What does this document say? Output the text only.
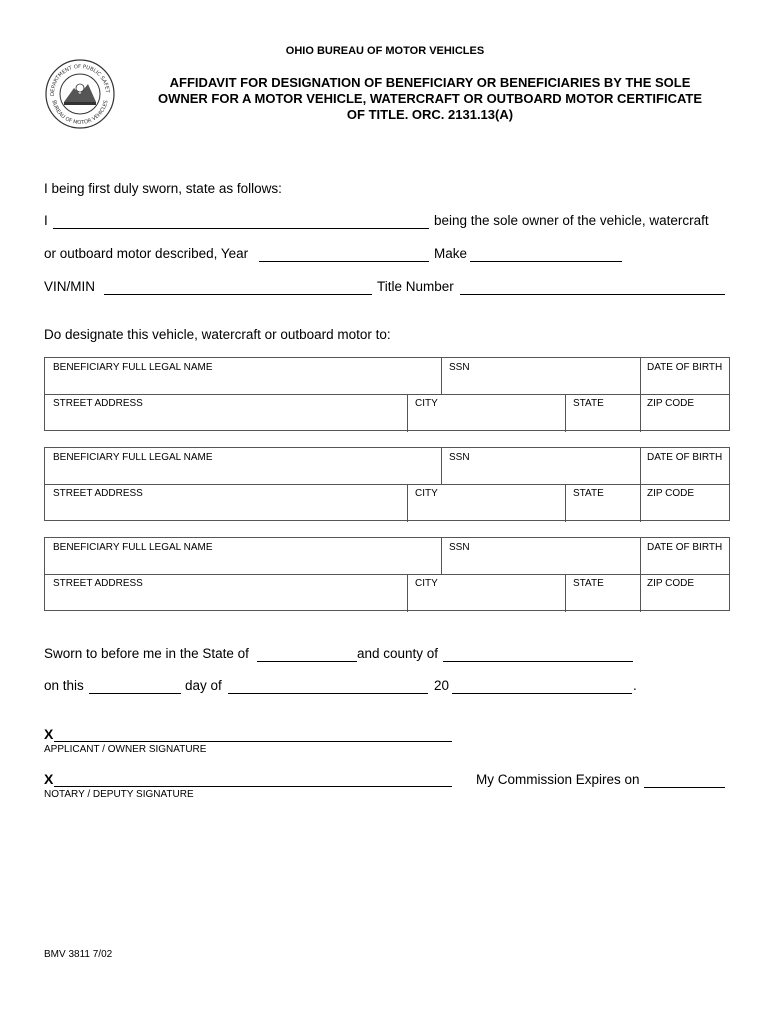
OHIO BUREAU OF MOTOR VEHICLES
DEPARTMENT OF PUBLIC SAFET
BUREAU OF MOTOR VEHICLES
AFFIDAVIT FOR DESIGNATION OF BENEFICIARY OR BENEFICIARIES BY THE SOLE
OWNER FOR A MOTOR VEHICLE, WATERCRAFT OR OUTBOARD MOTOR CERTIFICATE
OF TITLE. ORC. 2131.13(A)
I being first duly sworn, state as follows:
I	being the sole owner of the vehicle, watercraft
or outboard motor described, Year	Make
VIN/MIN	Title Number
Do designate this vehicle, watercraft or outboard motor to:
BENEFICIARY FULL LEGAL NAME	SSN	DATE OF BIRTH
STREET ADDRESS	CITY	STATE	ZIP CODE
BENEFICIARY FULL LEGAL NAME	SSN	DATE OF BIRTH
STREET ADDRESS	CITY	STATE	ZIP CODE
BENEFICIARY FULL LEGAL NAME	SSN	DATE OF BIRTH
STREET ADDRESS	CITY	STATE	ZIP CODE
Sworn to before me in the State of	and county of
on this	day of	20	.
X
APPLICANT / OWNER SIGNATURE
X
NOTARY / DEPUTY SIGNATURE
My Commission Expires on
BMV 3811 7/02
